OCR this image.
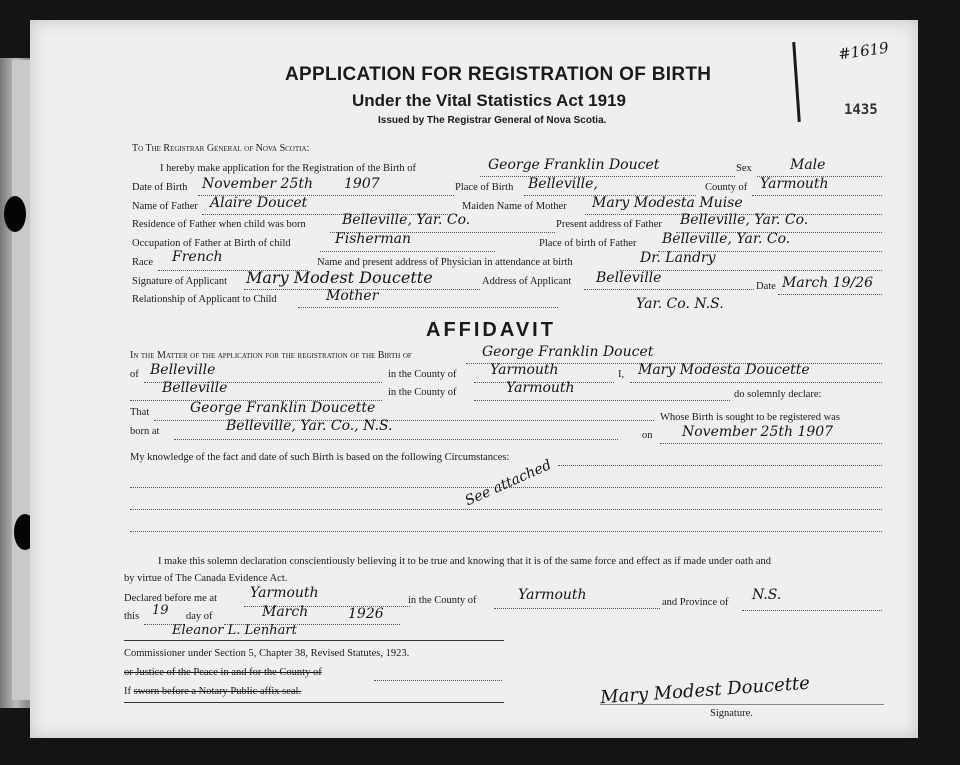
APPLICATION FOR REGISTRATION OF BIRTH
Under the Vital Statistics Act 1919
Issued by The Registrar General of Nova Scotia.
#1619
1435
To The Registrar General of Nova Scotia:
I hereby make application for the Registration of the Birth of	George Franklin Doucet	Sex	Male
Date of Birth November 25th 1907	Place of Birth Belleville,	County of Yarmouth
Name of Father Alaire Doucet	Maiden Name of Mother Mary Modesta Muise
Residence of Father when child was born	Belleville, Yar. Co.	Present address of Father Belleville, Yar. Co.
Occupation of Father at Birth of child	Fisherman	Place of birth of Father Belleville, Yar. Co.
Race French	Name and present address of Physician in attendance at birth	Dr. Landry
Signature of Applicant Mary Modest Doucette	Address of Applicant Belleville
Date March 19/26
Relationship of Applicant to Child	Mother	Yar. Co. N.S.
AFFIDAVIT
In the Matter of the application for the registration of the Birth of	George Franklin Doucet
of Belleville	in the County of Yarmouth	I, Mary Modesta Doucette
Belleville	in the County of	Yarmouth	do solemnly declare:
That	George Franklin Doucette
Whose Birth is sought to be registered was
born at	Belleville, Yar. Co., N.S.
on November 25th 1907
My knowledge of the fact and date of such Birth is based on the following Circumstances:
See attached
I make this solemn declaration conscientiously believing it to be true and knowing that it is of the same force and effect as if made under oath and
by virtue of The Canada Evidence Act.
Declared before me at Yarmouth	in the County of	Yarmouth	and Province of N.S.
this 19 day of	March	1926
Eleanor L. Lenhart
Commissioner under Section 5, Chapter 38, Revised Statutes, 1923.
or Justice of the Peace in and for the County of
If sworn before a Notary Public affix seal.	Mary Modest Doucette
Signature.
